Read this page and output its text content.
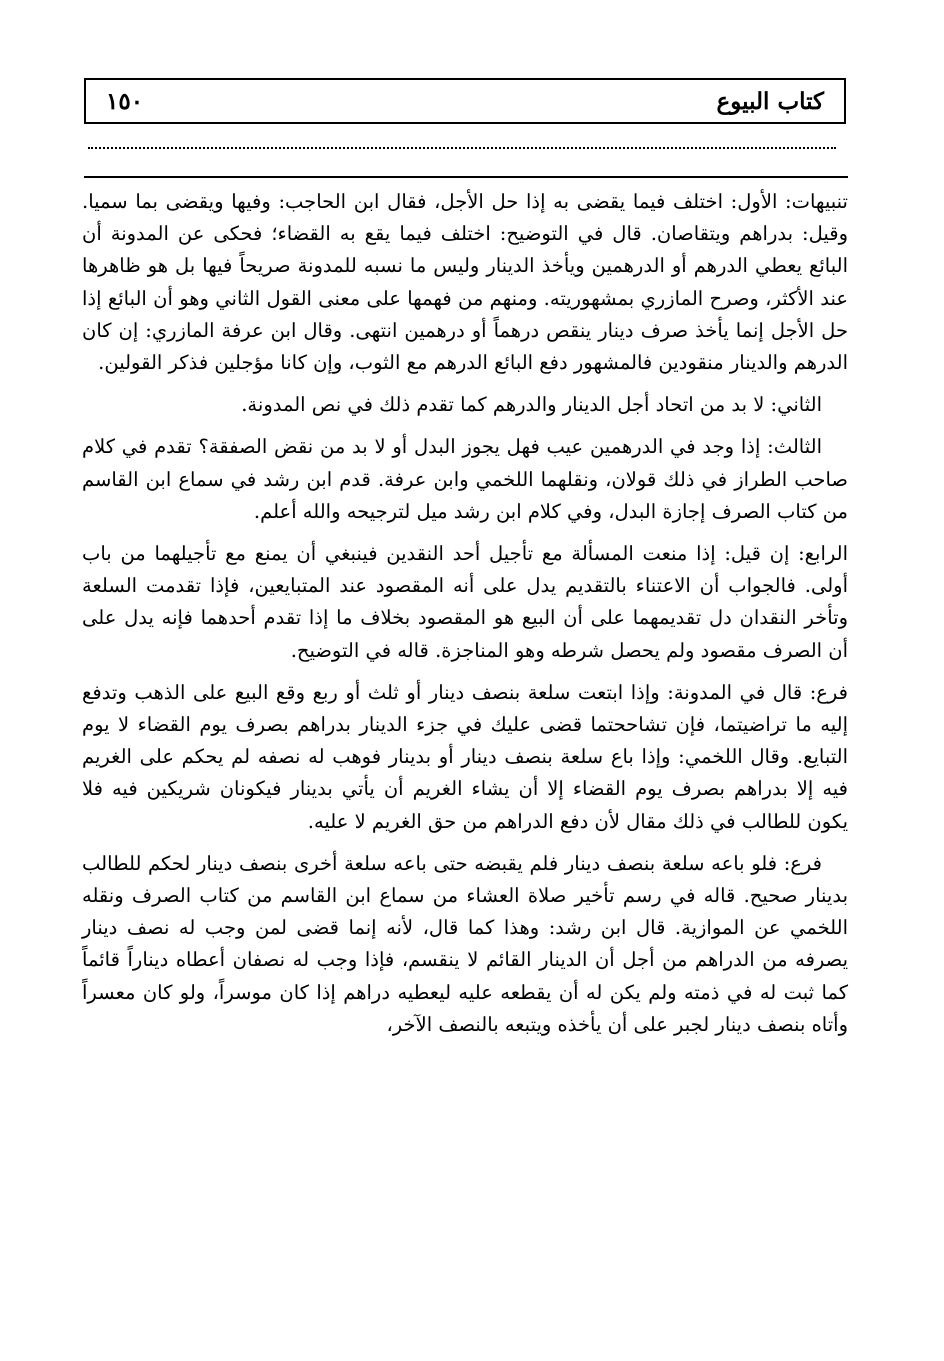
كتاب البيوع
١٥٠

تنبيهات: الأول: اختلف فيما يقضى به إذا حل الأجل، فقال ابن الحاجب: وفيها ويقضى بما سميا. وقيل: بدراهم ويتقاصان. قال في التوضيح: اختلف فيما يقع به القضاء؛ فحكى عن المدونة أن البائع يعطي الدرهم أو الدرهمين ويأخذ الدينار وليس ما نسبه للمدونة صريحاً فيها بل هو ظاهرها عند الأكثر، وصرح المازري بمشهوريته. ومنهم من فهمها على معنى القول الثاني وهو أن البائع إذا حل الأجل إنما يأخذ صرف دينار ينقص درهماً أو درهمين انتهى. وقال ابن عرفة المازري: إن كان الدرهم والدينار منقودين فالمشهور دفع البائع الدرهم مع الثوب، وإن كانا مؤجلين فذكر القولين.

الثاني: لا بد من اتحاد أجل الدينار والدرهم كما تقدم ذلك في نص المدونة.

الثالث: إذا وجد في الدرهمين عيب فهل يجوز البدل أو لا بد من نقض الصفقة؟ تقدم في كلام صاحب الطراز في ذلك قولان، ونقلهما اللخمي وابن عرفة. قدم ابن رشد في سماع ابن القاسم من كتاب الصرف إجازة البدل، وفي كلام ابن رشد ميل لترجيحه والله أعلم.

الرابع: إن قيل: إذا منعت المسألة مع تأجيل أحد النقدين فينبغي أن يمنع مع تأجيلهما من باب أولى. فالجواب أن الاعتناء بالتقديم يدل على أنه المقصود عند المتبايعين، فإذا تقدمت السلعة وتأخر النقدان دل تقديمهما على أن البيع هو المقصود بخلاف ما إذا تقدم أحدهما فإنه يدل على أن الصرف مقصود ولم يحصل شرطه وهو المناجزة. قاله في التوضيح.

فرع: قال في المدونة: وإذا ابتعت سلعة بنصف دينار أو ثلث أو ربع وقع البيع على الذهب وتدفع إليه ما تراضيتما، فإن تشاححتما قضى عليك في جزء الدينار بدراهم بصرف يوم القضاء لا يوم التبايع. وقال اللخمي: وإذا باع سلعة بنصف دينار أو بدينار فوهب له نصفه لم يحكم على الغريم فيه إلا بدراهم بصرف يوم القضاء إلا أن يشاء الغريم أن يأتي بدينار فيكونان شريكين فيه فلا يكون للطالب في ذلك مقال لأن دفع الدراهم من حق الغريم لا عليه.

فرع: فلو باعه سلعة بنصف دينار فلم يقبضه حتى باعه سلعة أخرى بنصف دينار لحكم للطالب بدينار صحيح. قاله في رسم تأخير صلاة العشاء من سماع ابن القاسم من كتاب الصرف ونقله اللخمي عن الموازية. قال ابن رشد: وهذا كما قال، لأنه إنما قضى لمن وجب له نصف دينار يصرفه من الدراهم من أجل أن الدينار القائم لا ينقسم، فإذا وجب له نصفان أعطاه ديناراً قائماً كما ثبت له في ذمته ولم يكن له أن يقطعه عليه ليعطيه دراهم إذا كان موسراً، ولو كان معسراً وأتاه بنصف دينار لجبر على أن يأخذه ويتبعه بالنصف الآخر،
